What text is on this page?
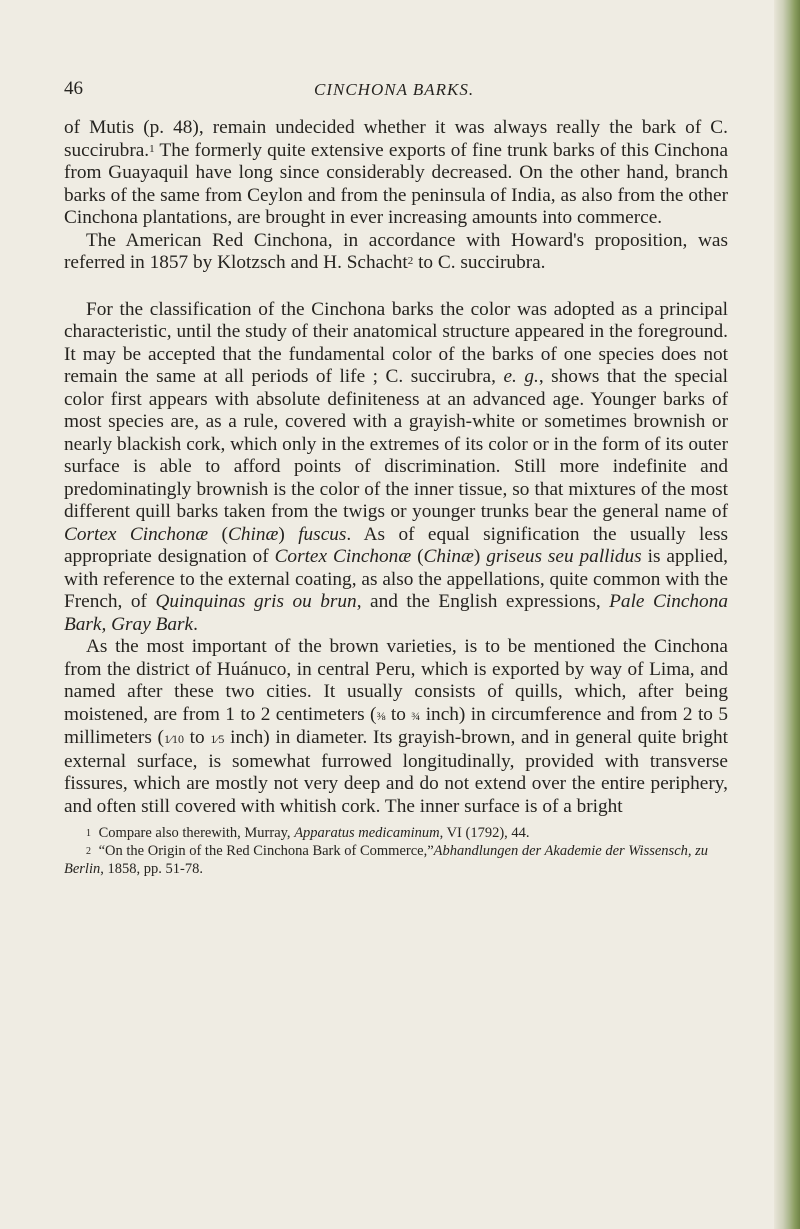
46	CINCHONA BARKS.

of Mutis (p. 48), remain undecided whether it was always really the bark of C. succirubra.$^1$ The formerly quite extensive exports of fine trunk barks of this Cinchona from Guayaquil have long since considerably decreased. On the other hand, branch barks of the same from Ceylon and from the peninsula of India, as also from the other Cinchona plantations, are brought in ever increasing amounts into commerce.

The American Red Cinchona, in accordance with Howard's proposition, was referred in 1857 by Klotzsch and H. Schacht$^2$ to C. succirubra.

For the classification of the Cinchona barks the color was adopted as a principal characteristic, until the study of their anatomical structure appeared in the foreground. It may be accepted that the fundamental color of the barks of one species does not remain the same at all periods of life ; C. succirubra, e. g., shows that the special color first appears with absolute definiteness at an advanced age. Younger barks of most species are, as a rule, covered with a grayish-white or sometimes brownish or nearly blackish cork, which only in the extremes of its color or in the form of its outer surface is able to afford points of discrimination. Still more indefinite and predominatingly brownish is the color of the inner tissue, so that mixtures of the most different quill barks taken from the twigs or younger trunks bear the general name of Cortex Cinchonæ (Chinæ) fuscus. As of equal signification the usually less appropriate designation of Cortex Cinchonæ (Chinæ) griseus seu pallidus is applied, with reference to the external coating, as also the appellations, quite common with the French, of Quinquinas gris ou brun, and the English expressions, Pale Cinchona Bark, Gray Bark.

As the most important of the brown varieties, is to be mentioned the Cinchona from the district of Huánuco, in central Peru, which is exported by way of Lima, and named after these two cities. It usually consists of quills, which, after being moistened, are from 1 to 2 centimeters (⅜ to ¾ inch) in circumference and from 2 to 5 millimeters (1⁄10 to 1⁄5 inch) in diameter. Its grayish-brown, and in general quite bright external surface, is somewhat furrowed longitudinally, provided with transverse fissures, which are mostly not very deep and do not extend over the entire periphery, and often still covered with whitish cork. The inner surface is of a bright

$^1$ Compare also therewith, Murray, Apparatus medicaminum, VI (1792), 44.

$^2$ “On the Origin of the Red Cinchona Bark of Commerce,”Abhandlungen der Akademie der Wissensch, zu Berlin, 1858, pp. 51-78.
